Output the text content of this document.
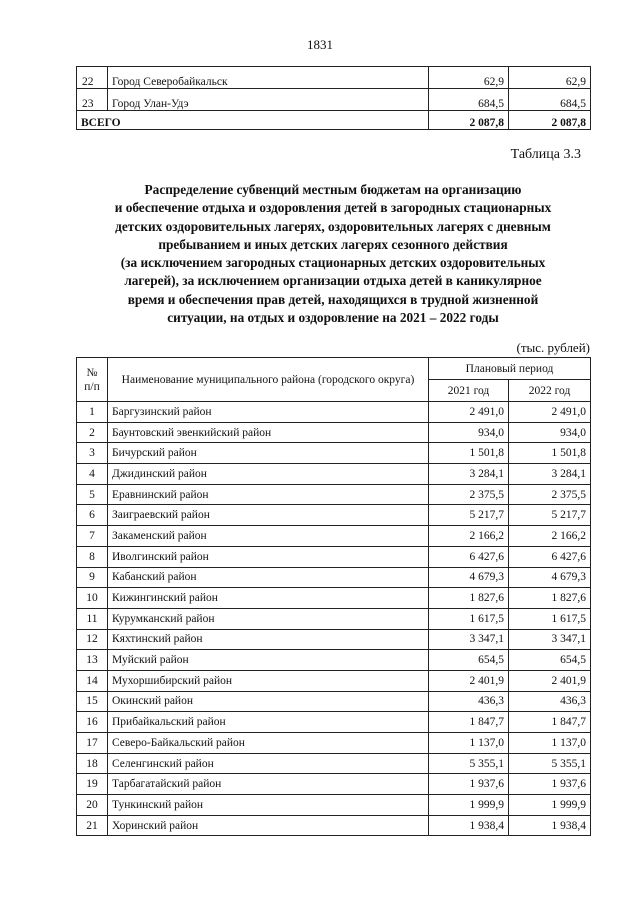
1831
22	Город Северобайкальск	62,9	62,9
23	Город Улан-Удэ	684,5	684,5
ВСЕГО		2 087,8	2 087,8
Таблица 3.3
Распределение субвенций местным бюджетам на организацию
и обеспечение отдыха и оздоровления детей в загородных стационарных
детских оздоровительных лагерях, оздоровительных лагерях с дневным
пребыванием и иных детских лагерях сезонного действия
(за исключением загородных стационарных детских оздоровительных
лагерей), за исключением организации отдыха детей в каникулярное
время и обеспечения прав детей, находящихся в трудной жизненной
ситуации, на отдых и оздоровление на 2021 – 2022 годы
(тыс. рублей)
№ п/п	Наименование муниципального района (городского округа)	Плановый период	
		2021 год	2022 год
1	Баргузинский район	2 491,0	2 491,0
2	Баунтовский эвенкийский район	934,0	934,0
3	Бичурский район	1 501,8	1 501,8
4	Джидинский район	3 284,1	3 284,1
5	Еравнинский район	2 375,5	2 375,5
6	Заиграевский район	5 217,7	5 217,7
7	Закаменский район	2 166,2	2 166,2
8	Иволгинский район	6 427,6	6 427,6
9	Кабанский район	4 679,3	4 679,3
10	Кижингинский район	1 827,6	1 827,6
11	Курумканский район	1 617,5	1 617,5
12	Кяхтинский район	3 347,1	3 347,1
13	Муйский район	654,5	654,5
14	Мухоршибирский район	2 401,9	2 401,9
15	Окинский район	436,3	436,3
16	Прибайкальский район	1 847,7	1 847,7
17	Северо-Байкальский район	1 137,0	1 137,0
18	Селенгинский район	5 355,1	5 355,1
19	Тарбагатайский район	1 937,6	1 937,6
20	Тункинский район	1 999,9	1 999,9
21	Хоринский район	1 938,4	1 938,4
